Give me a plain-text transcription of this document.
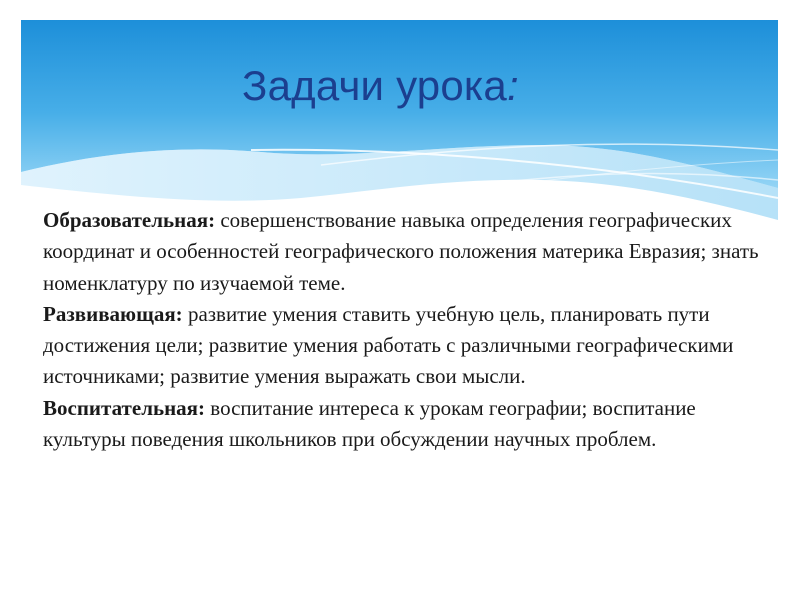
Задачи урока:

Образовательная: совершенствование навыка определения географических координат и особенностей географического положения материка Евразия; знать номенклатуру по изучаемой теме.

Развивающая: развитие умения ставить учебную цель, планировать пути достижения цели; развитие умения работать с различными географическими источниками; развитие умения выражать свои мысли.

Воспитательная: воспитание интереса к урокам географии; воспитание культуры поведения школьников при обсуждении научных проблем.
